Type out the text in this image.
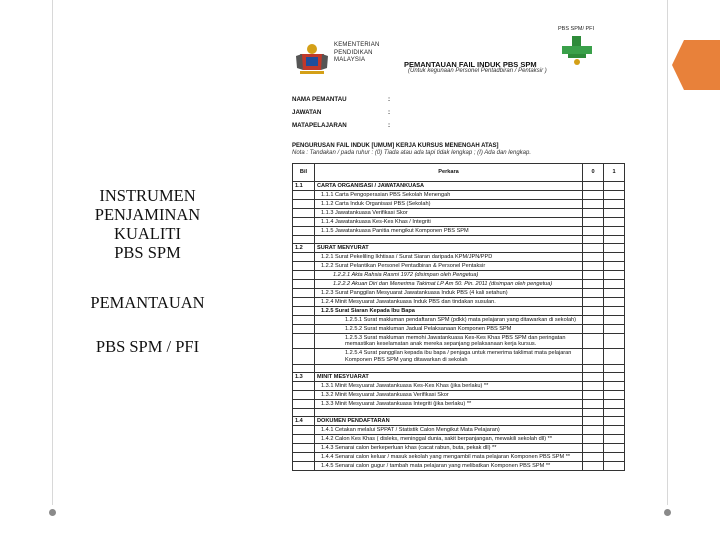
INSTRUMEN
PENJAMINAN
KUALITI
PBS SPM
PEMANTAUAN
PBS SPM / PFI
KEMENTERIAN
PENDIDIKAN
MALAYSIA	PEMANTAUAN FAIL INDUK PBS SPM
(Untuk kegunaan Personel Pentadbiran / Pentaksir )
PBS SPM/ PFI
NAMA PEMANTAU	:
JAWATAN	:
MATAPELAJARAN	:
PENGURUSAN FAIL INDUK [UMUM] KERJA KURSUS MENENGAH ATAS]
Nota : Tandakan / pada ruhur : (0) Tiada atau ada tapi tidak lengkap ; (I) Ada dan lengkap.
Bil	Perkara	0	1
1.1	CARTA ORGANISASI / JAWATANKUASA		
	1.1.1 Carta Pengoperasian PBS Sekolah Menengah		
	1.1.2 Carta Induk Organisasi PBS (Sekolah)		
	1.1.3 Jawatankuasa Verifikasi Skor		
	1.1.4 Jawatankuasa Kes-Kes Khas / Integriti		
	1.1.5 Jawatankuasa Panitia mengikut Komponen PBS SPM		

1.2	SURAT MENYURAT		
	1.2.1 Surat Pekeliling Ikhtisas / Surat Siaran daripada KPM/JPN/PPD		
	1.2.2 Surat Pelantikan Personel Pentadbiran & Personel Pentaksir		
	1.2.2.1 Akta Rahsia Rasmi 1972 (disimpan oleh Pengetua)		
	1.2.2.2 Akuan Diri dan Menerima Takimat LP Am 50. Pin. 2011 (disimpan oleh pengetua)		
	1.2.3 Surat Panggilan Mesyuarat Jawatankuasa Induk PBS (4 kali setahun)		
	1.2.4 Minit Mesyuarat Jawatankuasa Induk PBS dan tindakan susulan.		
	1.2.5 Surat Siaran Kepada Ibu Bapa		
	1.2.5.1 Surat makluman pendaftaran SPM (pdkk) mata pelajaran yang ditawarkan di sekolah)		
	1.2.5.2 Surat makluman Jadual Pelaksanaan Komponen PBS SPM		
	1.2.5.3 Surat makluman memohi Jawatankuasa Kes-Kes Khas PBS SPM dan peringatan memastikan keselamatan anak mereka sepanjang pelaksanaan kerja kursus.		
	1.2.5.4 Surat panggilan kepada ibu bapa / penjaga untuk menerima taklimat mata pelajaran Komponen PBS SPM yang ditawarkan di sekolah		

1.3	MINIT MESYUARAT		
	1.3.1 Minit Mesyuarat Jawatankuasa Kes-Kes Khas (jika berlaku) **		
	1.3.2 Minit Mesyuarat Jawatankuasa Verifikasi Skor		
	1.3.3 Minit Mesyuarat Jawatankuasa Integriti (jika berlaku) **		

1.4	DOKUMEN PENDAFTARAN		
	1.4.1 Cetakan melalui SPPAT / Statistik Calon Mengikut Mata Pelajaran)		
	1.4.2 Calon Kes Khas ( disleks, meninggal dunia, sakit berpanjangan, mewakili sekolah dll) **		
	1.4.3 Senarai calon berkeperluan khas (cacat rabun, buta, pekak dll) **		
	1.4.4 Senarai calon keluar / masuk sekolah yang mengambil mata pelajaran Komponen PBS SPM **		
	1.4.5 Senarai calon gugur / tambah mata pelajaran yang melibatkan Komponen PBS SPM **		
